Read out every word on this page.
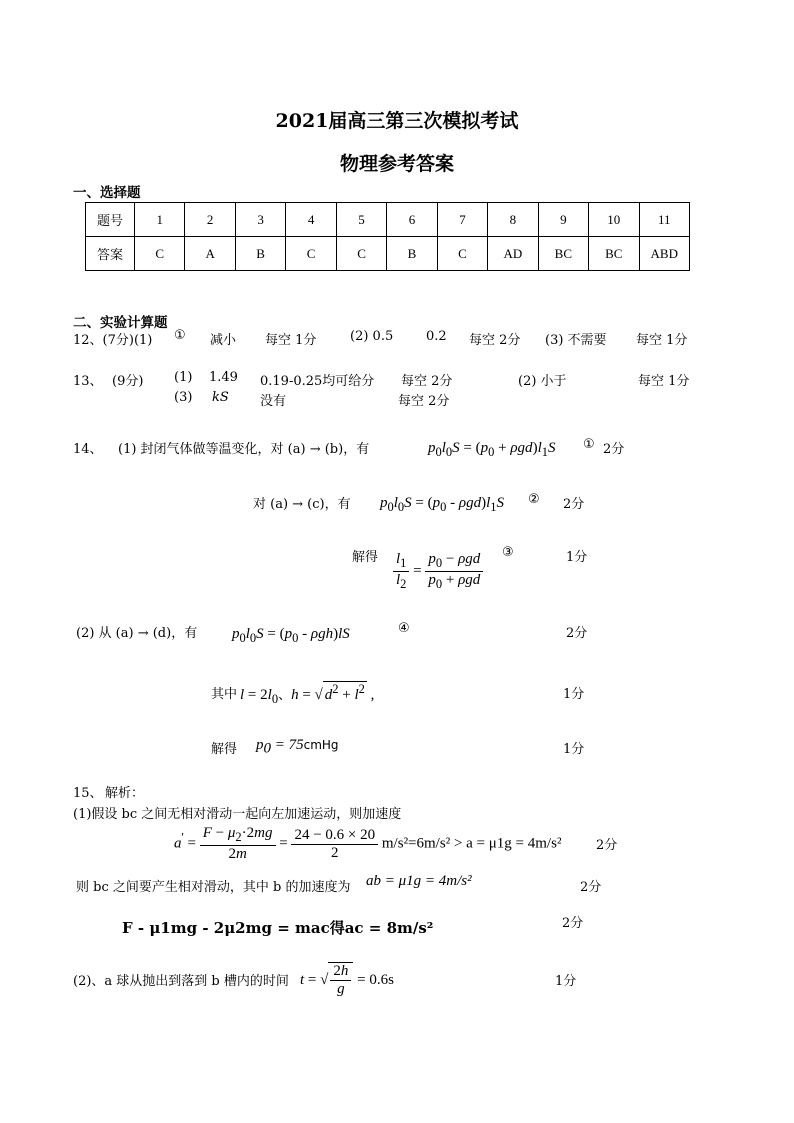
2021届高三第三次模拟考试
物理参考答案
一、选择题
题号	1	2	3	4	5	6	7	8	9	10	11
答案	C	A	B	C	C	B	C	AD	BC	BC	ABD
二、实验计算题
12、(7分)(1) ① 减小 每空 1分	(2) 0.5	0.2 每空 2分 (3) 不需要 每空 1分
13、 (9分) (1) 1.49 0.19-0.25均可给分 每空 2分	(2) 小于	每空 1分
(3) kS 没有	每空 2分
14、 (1) 封闭气体做等温变化，对 (a) → (b)，有	$p_0l_0S = (p_0 + \rho gd)l_1S$ ① 2分
对 (a) → (c)，有 $p_0l_0S = (p_0 - \rho gd)l_1S$ ② 2分
解得 $\frac{l_1}{l_2} = \frac{p_0 - \rho gd}{p_0 + \rho gd}$ ③	1分
(2) 从 (a) → (d)，有 $p_0l_0S = (p_0 - \rho gh)lS$	④	2分
其中 $l = 2l_0$、h = √ $d^2 + l^2$ ,	1分
解得 $p_0$ = 75cmHg	1分
15、 解析：
(1)假设 bc 之间无相对滑动一起向左加速运动，则加速度
$a' = \frac{F - \mu_2\cdot 2mg}{2m} = \frac{24 - 0.6 \times 20}{2} m/s^2=6m/s^2 > a = \mu 1g = 4m/s^2$	2分
则 bc 之间要产生相对滑动，其中 b 的加速度为 ab = μ1g = 4m/s²	2分
F - μ1mg - 2μ2mg = mac得ac = 8m/s²	2分
(2)、a 球从抛出到落到 b 槽内的时间 t = √ $\frac{2h}{g} = 0.6s$	1分
